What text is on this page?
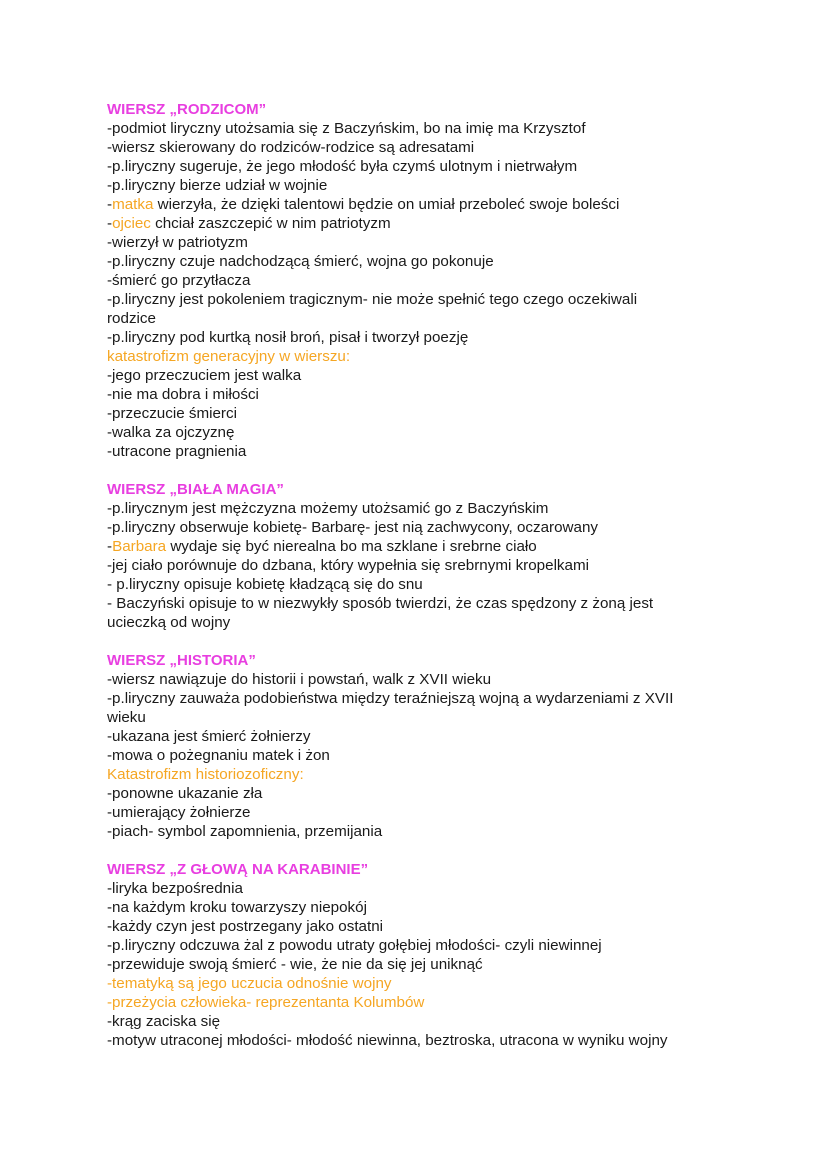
WIERSZ „RODZICOM”
-podmiot liryczny utożsamia się z Baczyńskim, bo na imię ma Krzysztof
-wiersz skierowany do rodziców-rodzice są adresatami
-p.liryczny sugeruje, że jego młodość była czymś ulotnym i nietrwałym
-p.liryczny bierze udział w wojnie
-matka wierzyła, że dzięki talentowi będzie on umiał przeboleć swoje boleści
-ojciec chciał zaszczepić w nim patriotyzm
-wierzył w patriotyzm
-p.liryczny czuje nadchodzącą śmierć, wojna go pokonuje
-śmierć go przytłacza
-p.liryczny jest pokoleniem tragicznym- nie może spełnić tego czego oczekiwali
rodzice
-p.liryczny pod kurtką nosił broń, pisał i tworzył poezję
katastrofizm generacyjny w wierszu:
-jego przeczuciem jest walka
-nie ma dobra i miłości
-przeczucie śmierci
-walka za ojczyznę
-utracone pragnienia
WIERSZ „BIAŁA MAGIA”
-p.lirycznym jest mężczyzna możemy utożsamić go z Baczyńskim
-p.liryczny obserwuje kobietę- Barbarę- jest nią zachwycony, oczarowany
-Barbara wydaje się być nierealna bo ma szklane i srebrne ciało
-jej ciało porównuje do dzbana, który wypełnia się srebrnymi kropelkami
- p.liryczny opisuje kobietę kładzącą się do snu
- Baczyński opisuje to w niezwykły sposób twierdzi, że czas spędzony z żoną jest
ucieczką od wojny
WIERSZ „HISTORIA”
-wiersz nawiązuje do historii i powstań, walk z XVII wieku
-p.liryczny zauważa podobieństwa między teraźniejszą wojną a wydarzeniami z XVII
wieku
-ukazana jest śmierć żołnierzy
-mowa o pożegnaniu matek i żon
Katastrofizm historiozoficzny:
-ponowne ukazanie zła
-umierający żołnierze
-piach- symbol zapomnienia, przemijania
WIERSZ „Z GŁOWĄ NA KARABINIE”
-liryka bezpośrednia
-na każdym kroku towarzyszy niepokój
-każdy czyn jest postrzegany jako ostatni
-p.liryczny odczuwa żal z powodu utraty gołębiej młodości- czyli niewinnej
-przewiduje swoją śmierć - wie, że nie da się jej uniknąć
-tematyką są jego uczucia odnośnie wojny
-przeżycia człowieka- reprezentanta Kolumbów
-krąg zaciska się
-motyw utraconej młodości- młodość niewinna, beztroska, utracona w wyniku wojny
